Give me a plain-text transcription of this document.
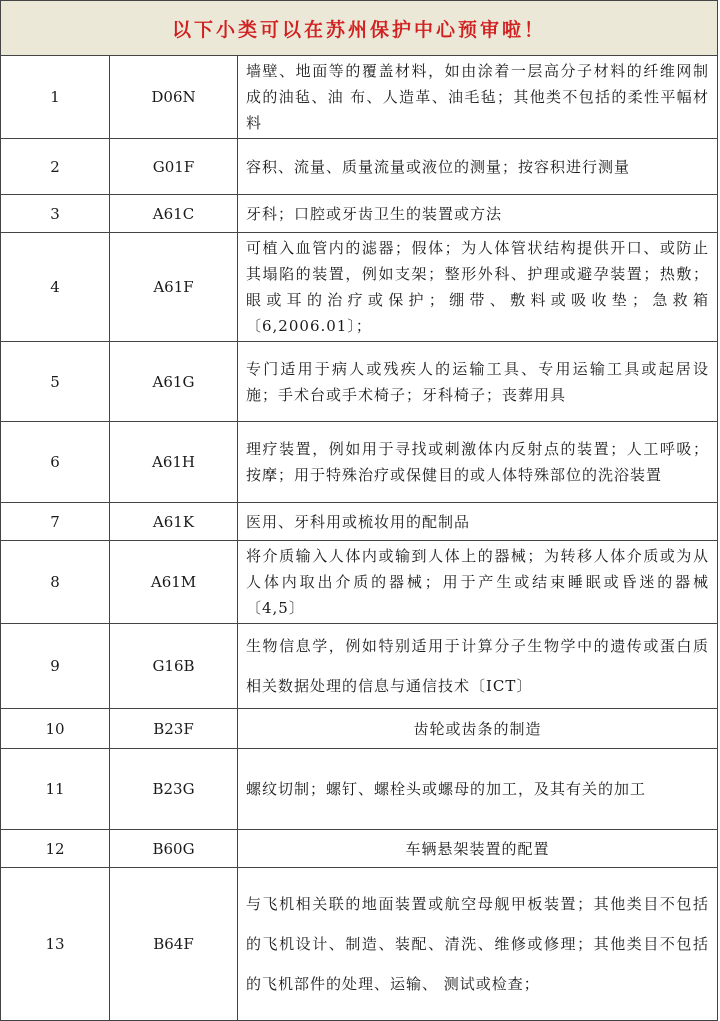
以下小类可以在苏州保护中心预审啦！
1	D06N	墙壁、地面等的覆盖材料，如由涂着一层高分子材料的纤维网制成的油毡、油 布、人造革、油毛毡；其他类不包括的柔性平幅材料
2	G01F	容积、流量、质量流量或液位的测量；按容积进行测量
3	A61C	牙科；口腔或牙齿卫生的装置或方法
4	A61F	可植入血管内的滤器；假体；为人体管状结构提供开口、或防止其塌陷的装置，例如支架；整形外科、护理或避孕装置；热敷；眼或耳的治疗或保护；绷带、敷料或吸收垫；急救箱〔6,2006.01〕；
5	A61G	专门适用于病人或残疾人的运输工具、专用运输工具或起居设施；手术台或手术椅子；牙科椅子；丧葬用具
6	A61H	理疗装置，例如用于寻找或刺激体内反射点的装置；人工呼吸；按摩；用于特殊治疗或保健目的或人体特殊部位的洗浴装置
7	A61K	医用、牙科用或梳妆用的配制品
8	A61M	将介质输入人体内或输到人体上的器械；为转移人体介质或为从人体内取出介质的器械；用于产生或结束睡眠或昏迷的器械〔4,5〕
9	G16B	生物信息学，例如特别适用于计算分子生物学中的遗传或蛋白质相关数据处理的信息与通信技术〔ICT〕
10	B23F	齿轮或齿条的制造
11	B23G	螺纹切制；螺钉、螺栓头或螺母的加工，及其有关的加工
12	B60G	车辆悬架装置的配置
13	B64F	与飞机相关联的地面装置或航空母舰甲板装置；其他类目不包括的飞机设计、制造、装配、清洗、维修或修理；其他类目不包括的飞机部件的处理、运输、 测试或检查；
